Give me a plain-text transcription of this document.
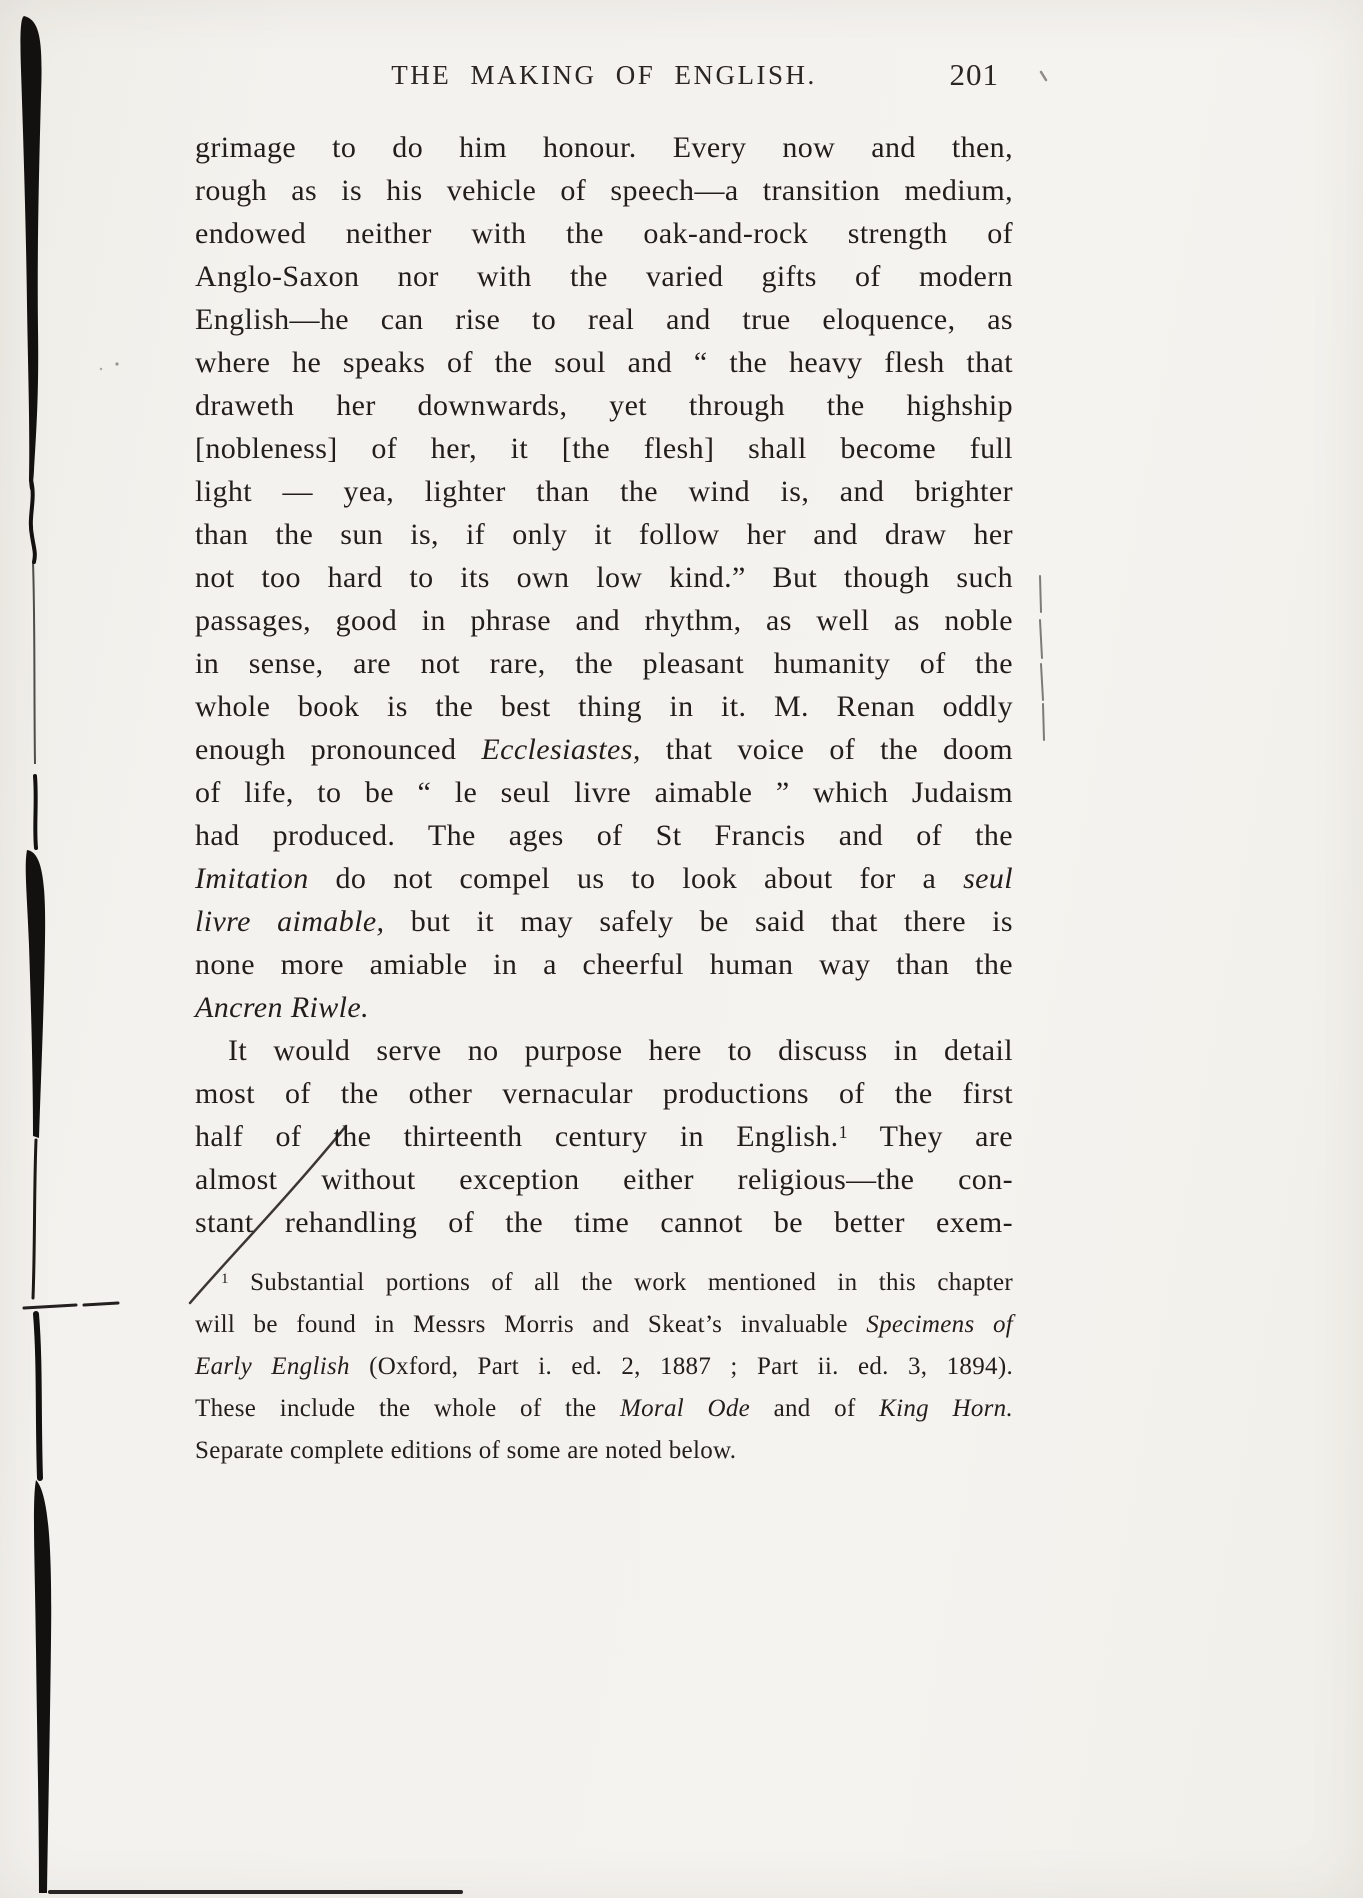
THE MAKING OF ENGLISH.	201
grimage to do him honour. Every now and then,
rough as is his vehicle of speech—a transition medium,
endowed neither with the oak-and-rock strength of
Anglo-Saxon nor with the varied gifts of modern
English—he can rise to real and true eloquence, as
where he speaks of the soul and “ the heavy flesh that
draweth her downwards, yet through the highship
[nobleness] of her, it [the flesh] shall become full
light — yea, lighter than the wind is, and brighter
than the sun is, if only it follow her and draw her
not too hard to its own low kind.” But though such
passages, good in phrase and rhythm, as well as noble
in sense, are not rare, the pleasant humanity of the
whole book is the best thing in it. M. Renan oddly
enough pronounced Ecclesiastes, that voice of the doom
of life, to be “ le seul livre aimable ” which Judaism
had produced. The ages of St Francis and of the
Imitation do not compel us to look about for a seul
livre aimable, but it may safely be said that there is
none more amiable in a cheerful human way than the
Ancren Riwle.
It would serve no purpose here to discuss in detail
most of the other vernacular productions of the first
half of the thirteenth century in English.$^1$ They are
almost without exception either religious—the con-
stant rehandling of the time cannot be better exem-
$^1$ Substantial portions of all the work mentioned in this chapter
will be found in Messrs Morris and Skeat’s invaluable Specimens of
Early English (Oxford, Part i. ed. 2, 1887 ; Part ii. ed. 3, 1894).
These include the whole of the Moral Ode and of King Horn.
Separate complete editions of some are noted below.
